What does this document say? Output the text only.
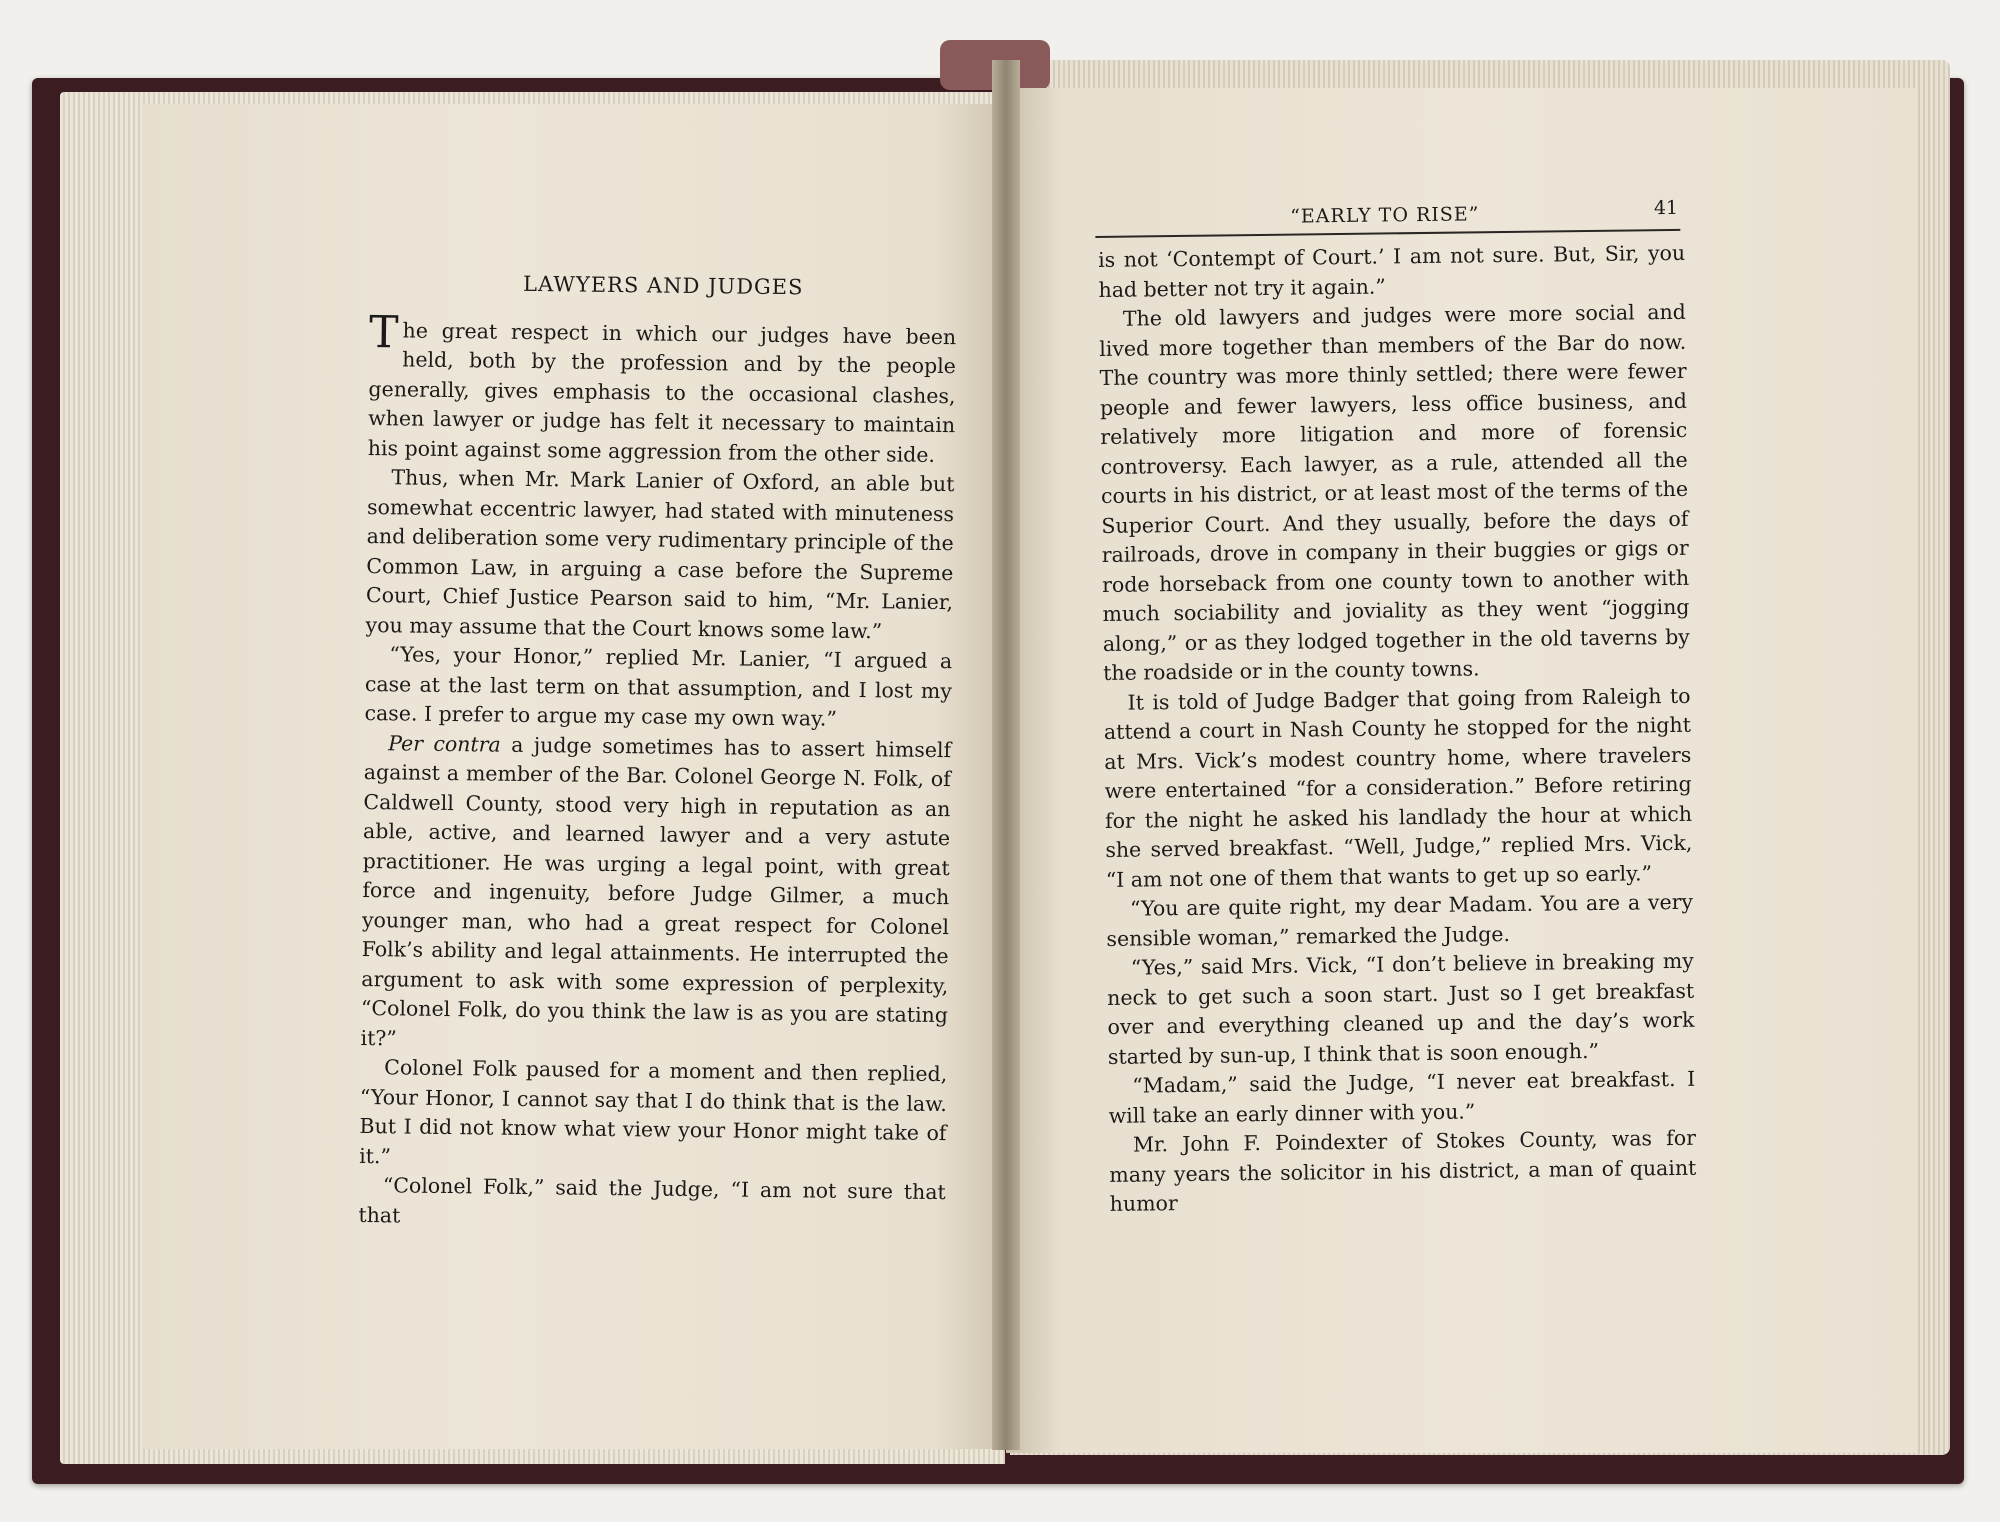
LAWYERS AND JUDGES

The great respect in which our judges have been held, both by the profession and by the people generally, gives emphasis to the occasional clashes, when lawyer or judge has felt it necessary to maintain his point against some aggression from the other side.

Thus, when Mr. Mark Lanier of Oxford, an able but somewhat eccentric lawyer, had stated with minuteness and deliberation some very rudimentary principle of the Common Law, in arguing a case before the Supreme Court, Chief Justice Pearson said to him, “Mr. Lanier, you may assume that the Court knows some law.”

“Yes, your Honor,” replied Mr. Lanier, “I argued a case at the last term on that assumption, and I lost my case. I prefer to argue my case my own way.”

Per contra a judge sometimes has to assert himself against a member of the Bar. Colonel George N. Folk, of Caldwell County, stood very high in reputation as an able, active, and learned lawyer and a very astute practitioner. He was urging a legal point, with great force and ingenuity, before Judge Gilmer, a much younger man, who had a great respect for Colonel Folk’s ability and legal attainments. He interrupted the argument to ask with some expression of perplexity, “Colonel Folk, do you think the law is as you are stating it?”

Colonel Folk paused for a moment and then replied, “Your Honor, I cannot say that I do think that is the law. But I did not know what view your Honor might take of it.”

“Colonel Folk,” said the Judge, “I am not sure that that

“EARLY TO RISE”	41

is not ‘Contempt of Court.’ I am not sure. But, Sir, you had better not try it again.”

The old lawyers and judges were more social and lived more together than members of the Bar do now. The country was more thinly settled; there were fewer people and fewer lawyers, less office business, and relatively more litigation and more of forensic controversy. Each lawyer, as a rule, attended all the courts in his district, or at least most of the terms of the Superior Court. And they usually, before the days of railroads, drove in company in their buggies or gigs or rode horseback from one county town to another with much sociability and joviality as they went “jogging along,” or as they lodged together in the old taverns by the roadside or in the county towns.

It is told of Judge Badger that going from Raleigh to attend a court in Nash County he stopped for the night at Mrs. Vick’s modest country home, where travelers were entertained “for a consideration.” Before retiring for the night he asked his landlady the hour at which she served breakfast. “Well, Judge,” replied Mrs. Vick, “I am not one of them that wants to get up so early.”

“You are quite right, my dear Madam. You are a very sensible woman,” remarked the Judge.

“Yes,” said Mrs. Vick, “I don’t believe in breaking my neck to get such a soon start. Just so I get breakfast over and everything cleaned up and the day’s work started by sun-up, I think that is soon enough.”

“Madam,” said the Judge, “I never eat breakfast. I will take an early dinner with you.”

Mr. John F. Poindexter of Stokes County, was for many years the solicitor in his district, a man of quaint humor
